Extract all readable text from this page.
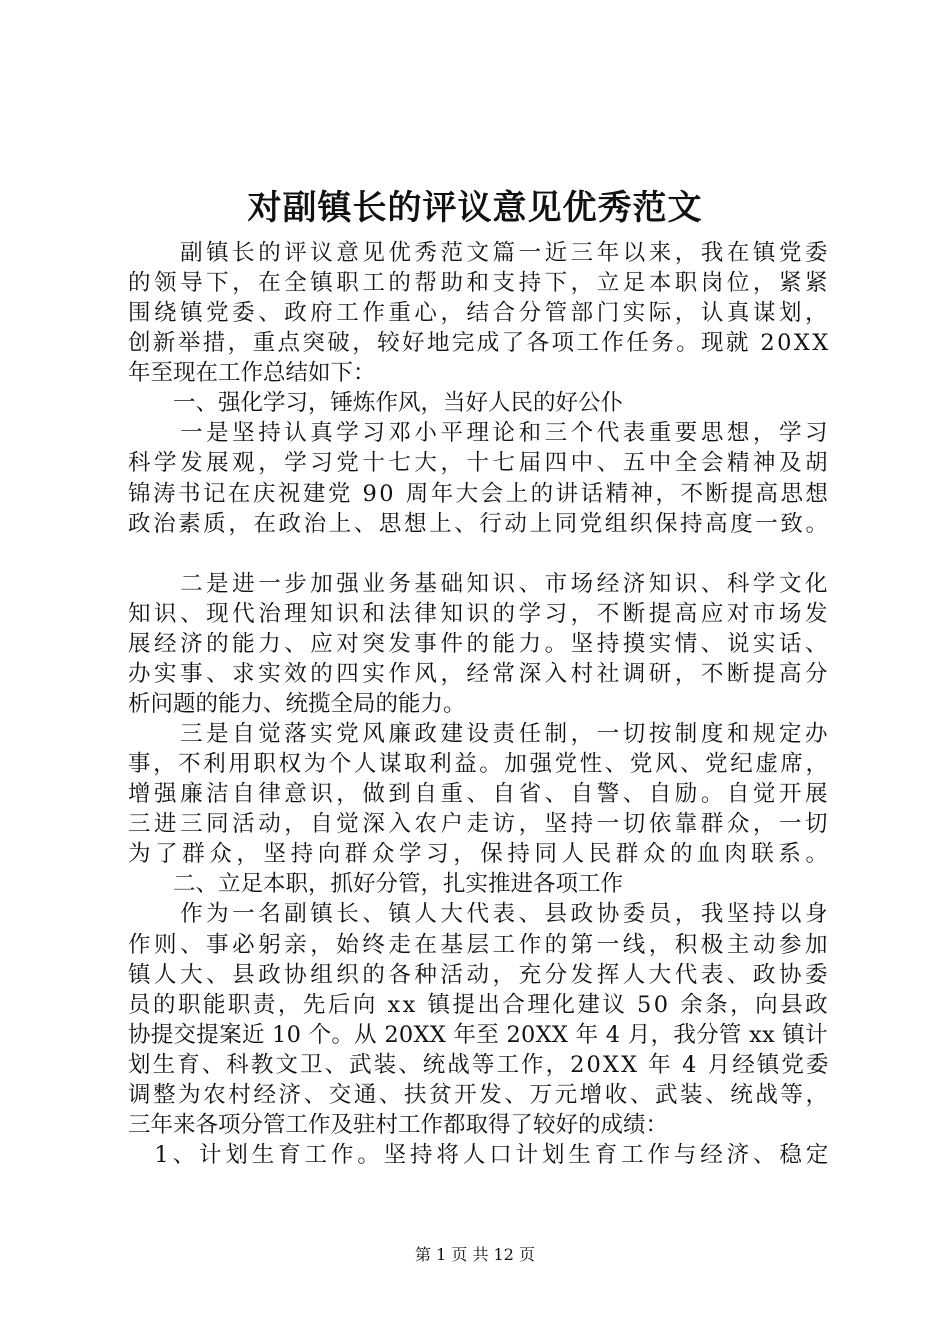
对副镇长的评议意见优秀范文
　　副镇长的评议意见优秀范文篇一近三年以来，我在镇党委
的领导下，在全镇职工的帮助和支持下，立足本职岗位，紧紧
围绕镇党委、政府工作重心，结合分管部门实际，认真谋划，
创新举措，重点突破，较好地完成了各项工作任务。现就 20XX
年至现在工作总结如下：
　　一、强化学习，锤炼作风，当好人民的好公仆
　　一是坚持认真学习邓小平理论和三个代表重要思想，学习
科学发展观，学习党十七大，十七届四中、五中全会精神及胡
锦涛书记在庆祝建党 90 周年大会上的讲话精神，不断提高思想
政治素质，在政治上、思想上、行动上同党组织保持高度一致。
　　二是进一步加强业务基础知识、市场经济知识、科学文化
知识、现代治理知识和法律知识的学习，不断提高应对市场发
展经济的能力、应对突发事件的能力。坚持摸实情、说实话、
办实事、求实效的四实作风，经常深入村社调研，不断提高分
析问题的能力、统揽全局的能力。
　　三是自觉落实党风廉政建设责任制，一切按制度和规定办
事，不利用职权为个人谋取利益。加强党性、党风、党纪虚席，
增强廉洁自律意识，做到自重、自省、自警、自励。自觉开展
三进三同活动，自觉深入农户走访，坚持一切依靠群众，一切
为了群众，坚持向群众学习，保持同人民群众的血肉联系。
　　二、立足本职，抓好分管，扎实推进各项工作
　　作为一名副镇长、镇人大代表、县政协委员，我坚持以身
作则、事必躬亲，始终走在基层工作的第一线，积极主动参加
镇人大、县政协组织的各种活动，充分发挥人大代表、政协委
员的职能职责，先后向 xx 镇提出合理化建议 50 余条，向县政
协提交提案近 10 个。从 20XX 年至 20XX 年 4 月，我分管 xx 镇计
划生育、科教文卫、武装、统战等工作，20XX 年 4 月经镇党委
调整为农村经济、交通、扶贫开发、万元增收、武装、统战等，
三年来各项分管工作及驻村工作都取得了较好的成绩：
　1、计划生育工作。坚持将人口计划生育工作与经济、稳定
第 1 页 共 12 页
